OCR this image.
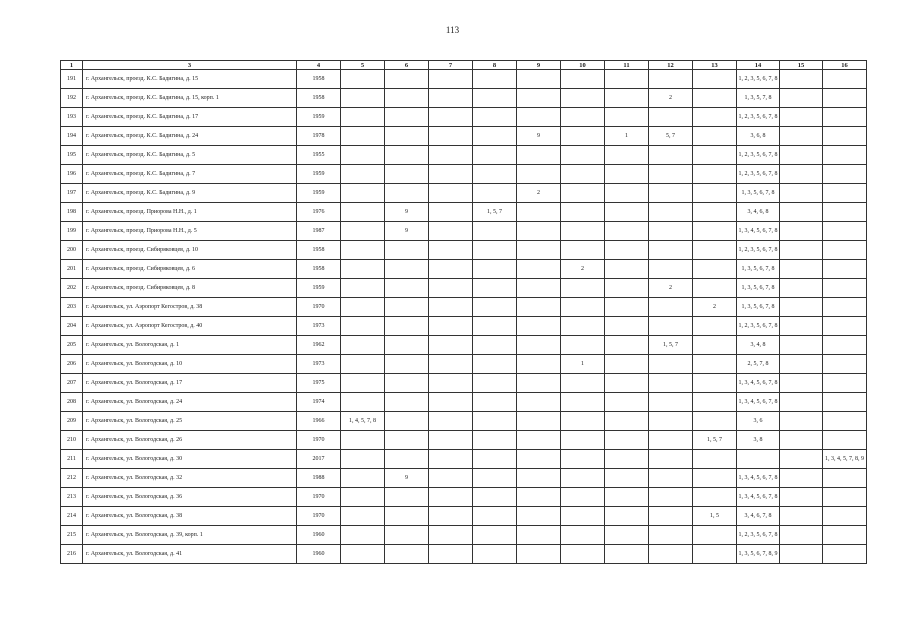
113
1	3	4	5	6	7	8	9	10	11	12	13	14	15	16
191	г. Архангельск, проезд. К.С. Бадигина, д. 15	1958										1, 2, 3, 5, 6, 7, 8		
192	г. Архангельск, проезд. К.С. Бадигина, д. 15, корп. 1	1958								2		1, 3, 5, 7, 8		
193	г. Архангельск, проезд. К.С. Бадигина, д. 17	1959										1, 2, 3, 5, 6, 7, 8		
194	г. Архангельск, проезд. К.С. Бадигина, д. 24	1978					9		1	5, 7		3, 6, 8		
195	г. Архангельск, проезд. К.С. Бадигина, д. 5	1955										1, 2, 3, 5, 6, 7, 8		
196	г. Архангельск, проезд. К.С. Бадигина, д. 7	1959										1, 2, 3, 5, 6, 7, 8		
197	г. Архангельск, проезд. К.С. Бадигина, д. 9	1959					2					1, 3, 5, 6, 7, 8		
198	г. Архангельск, проезд. Приорова Н.Н., д. 1	1976		9		1, 5, 7						3, 4, 6, 8		
199	г. Архангельск, проезд. Приорова Н.Н., д. 5	1987		9								1, 3, 4, 5, 6, 7, 8		
200	г. Архангельск, проезд. Сибиряковцев, д. 10	1958										1, 2, 3, 5, 6, 7, 8		
201	г. Архангельск, проезд. Сибиряковцев, д. 6	1958						2				1, 3, 5, 6, 7, 8		
202	г. Архангельск, проезд. Сибиряковцев, д. 8	1959								2		1, 3, 5, 6, 7, 8		
203	г. Архангельск, ул. Аэропорт Кегостров, д. 38	1970									2	1, 3, 5, 6, 7, 8		
204	г. Архангельск, ул. Аэропорт Кегостров, д. 40	1973										1, 2, 3, 5, 6, 7, 8		
205	г. Архангельск, ул. Вологодская, д. 1	1962								1, 5, 7		3, 4, 8		
206	г. Архангельск, ул. Вологодская, д. 10	1973						1				2, 5, 7, 8		
207	г. Архангельск, ул. Вологодская, д. 17	1975										1, 3, 4, 5, 6, 7, 8		
208	г. Архангельск, ул. Вологодская, д. 24	1974										1, 3, 4, 5, 6, 7, 8		
209	г. Архангельск, ул. Вологодская, д. 25	1966	1, 4, 5, 7, 8									3, 6		
210	г. Архангельск, ул. Вологодская, д. 26	1970									1, 5, 7	3, 8		
211	г. Архангельск, ул. Вологодская, д. 30	2017												1, 3, 4, 5, 7, 8, 9
212	г. Архангельск, ул. Вологодская, д. 32	1988		9								1, 3, 4, 5, 6, 7, 8		
213	г. Архангельск, ул. Вологодская, д. 36	1970										1, 3, 4, 5, 6, 7, 8		
214	г. Архангельск, ул. Вологодская, д. 38	1970									1, 5	3, 4, 6, 7, 8		
215	г. Архангельск, ул. Вологодская, д. 39, корп. 1	1960										1, 2, 3, 5, 6, 7, 8		
216	г. Архангельск, ул. Вологодская, д. 41	1960										1, 3, 5, 6, 7, 8, 9		
